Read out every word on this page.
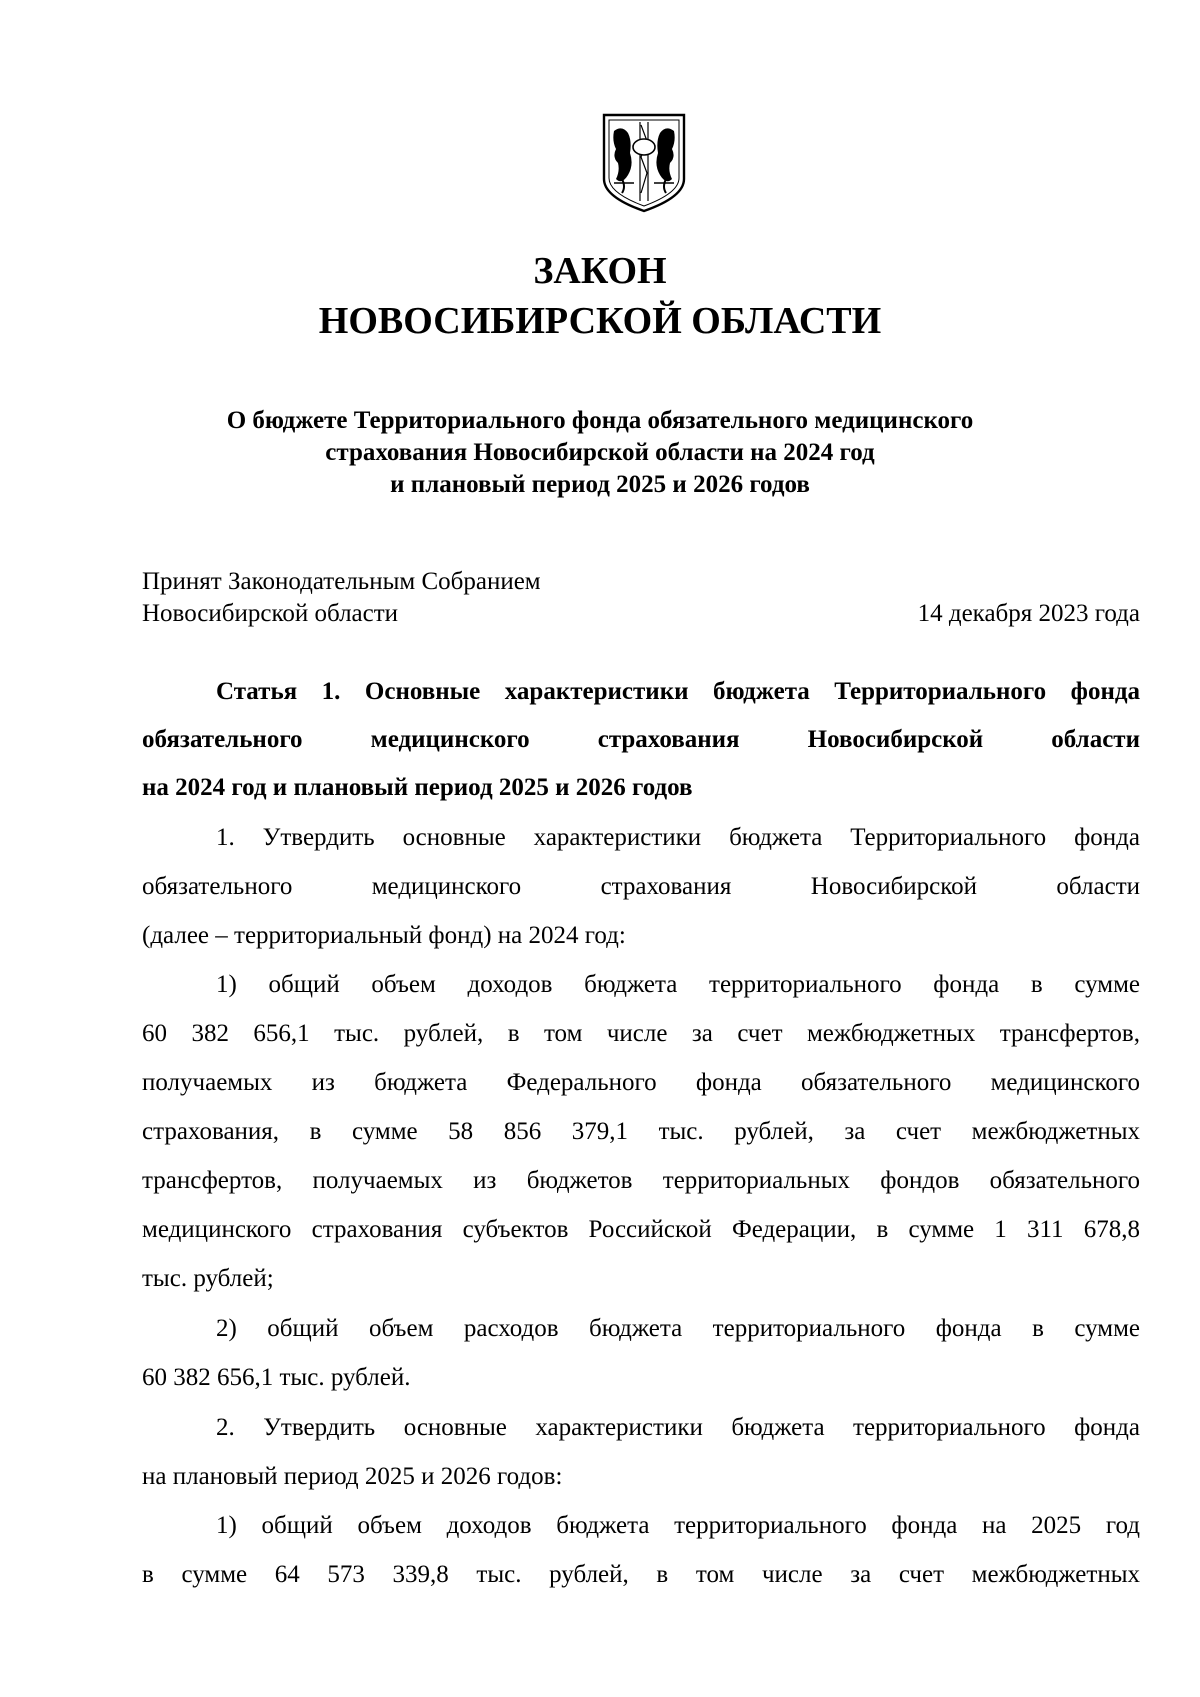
ЗАКОН
НОВОСИБИРСКОЙ ОБЛАСТИ
О бюджете Территориального фонда обязательного медицинского
страхования Новосибирской области на 2024 год
и плановый период 2025 и 2026 годов
Принят Законодательным Собранием
Новосибирской области	14 декабря 2023 года
Статья 1. Основные характеристики бюджета Территориального фонда
обязательного медицинского страхования Новосибирской области
на 2024 год и плановый период 2025 и 2026 годов
1. Утвердить основные характеристики бюджета Территориального фонда
обязательного медицинского страхования Новосибирской области
(далее – территориальный фонд) на 2024 год:
1) общий объем доходов бюджета территориального фонда в сумме
60 382 656,1 тыс. рублей, в том числе за счет межбюджетных трансфертов,
получаемых из бюджета Федерального фонда обязательного медицинского
страхования, в сумме 58 856 379,1 тыс. рублей, за счет межбюджетных
трансфертов, получаемых из бюджетов территориальных фондов обязательного
медицинского страхования субъектов Российской Федерации, в сумме 1 311 678,8
тыс. рублей;
2) общий объем расходов бюджета территориального фонда в сумме
60 382 656,1 тыс. рублей.
2. Утвердить основные характеристики бюджета территориального фонда
на плановый период 2025 и 2026 годов:
1) общий объем доходов бюджета территориального фонда на 2025 год
в сумме 64 573 339,8 тыс. рублей, в том числе за счет межбюджетных
